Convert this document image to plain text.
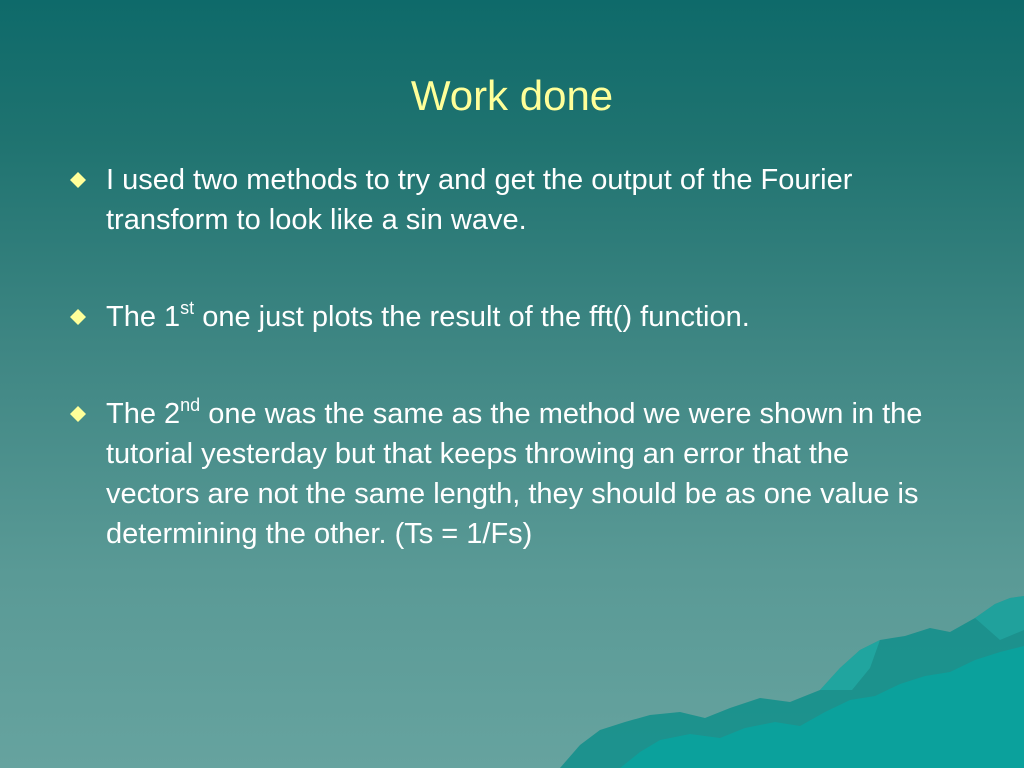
Work done
I used two methods to try and get the output of the Fourier transform to look like a sin wave.
The 1st one just plots the result of the fft() function.
The 2nd one was the same as the method we were shown in the tutorial yesterday but that keeps throwing an error that the vectors are not the same length, they should be as one value is determining the other. (Ts = 1/Fs)
